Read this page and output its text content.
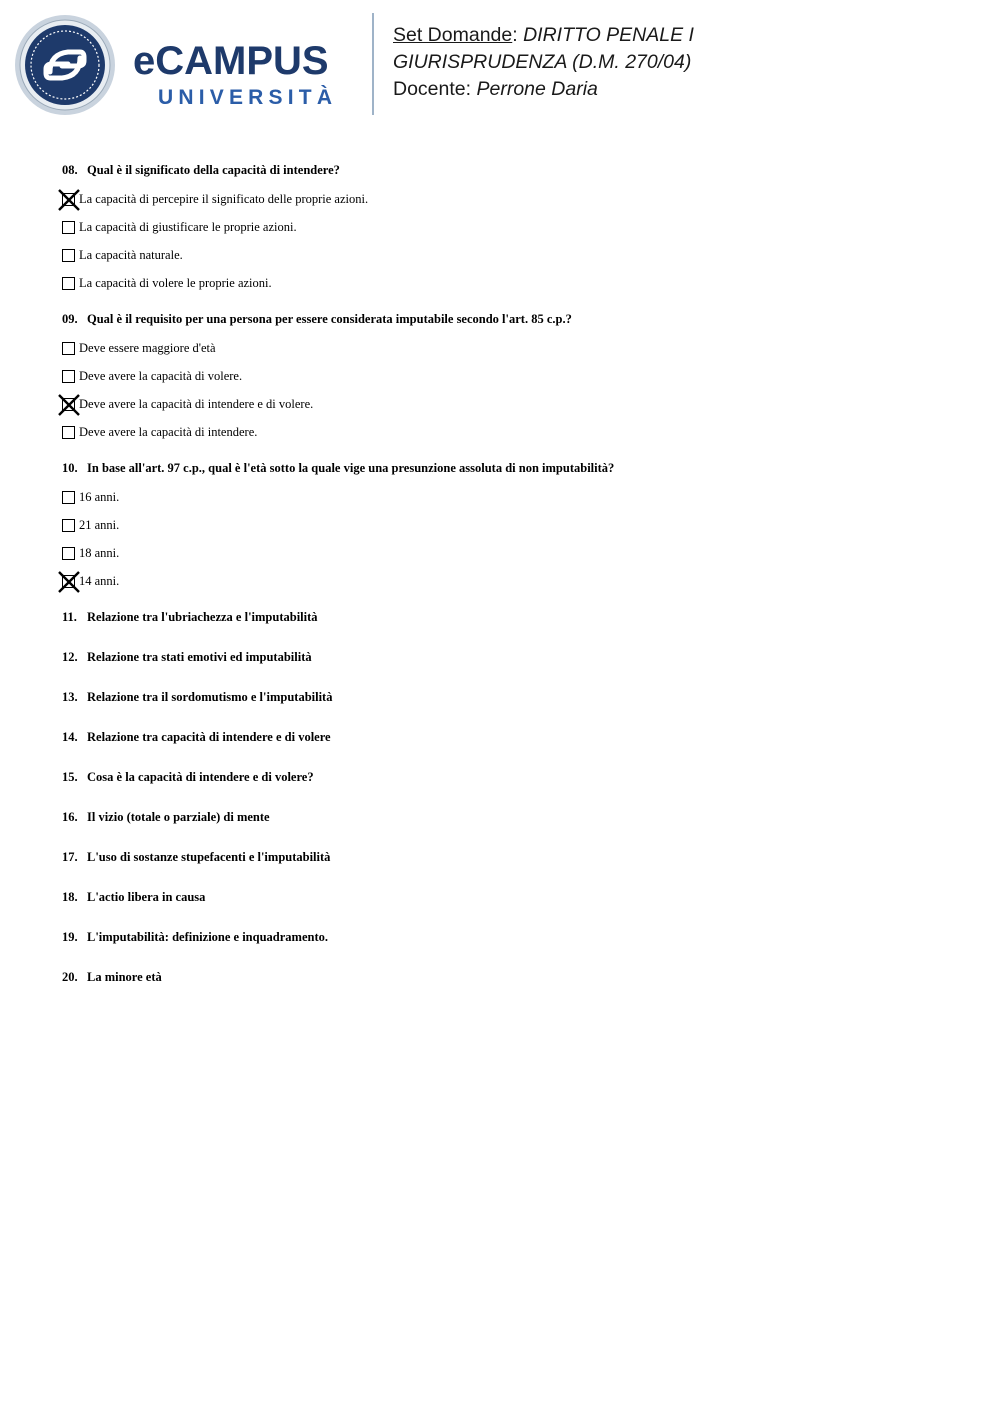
eCAMPUS
UNIVERSITÀ
Set Domande: DIRITTO PENALE I
GIURISPRUDENZA (D.M. 270/04)
Docente: Perrone Daria
08. Qual è il significato della capacità di intendere?
La capacità di percepire il significato delle proprie azioni.
La capacità di giustificare le proprie azioni.
La capacità naturale.
La capacità di volere le proprie azioni.
09. Qual è il requisito per una persona per essere considerata imputabile secondo l'art. 85 c.p.?
Deve essere maggiore d'età
Deve avere la capacità di volere.
Deve avere la capacità di intendere e di volere.
Deve avere la capacità di intendere.
10. In base all'art. 97 c.p., qual è l'età sotto la quale vige una presunzione assoluta di non imputabilità?
16 anni.
21 anni.
18 anni.
14 anni.
11. Relazione tra l'ubriachezza e l'imputabilità
12. Relazione tra stati emotivi ed imputabilità
13. Relazione tra il sordomutismo e l'imputabilità
14. Relazione tra capacità di intendere e di volere
15. Cosa è la capacità di intendere e di volere?
16. Il vizio (totale o parziale) di mente
17. L'uso di sostanze stupefacenti e l'imputabilità
18. L'actio libera in causa
19. L'imputabilità: definizione e inquadramento.
20. La minore età
